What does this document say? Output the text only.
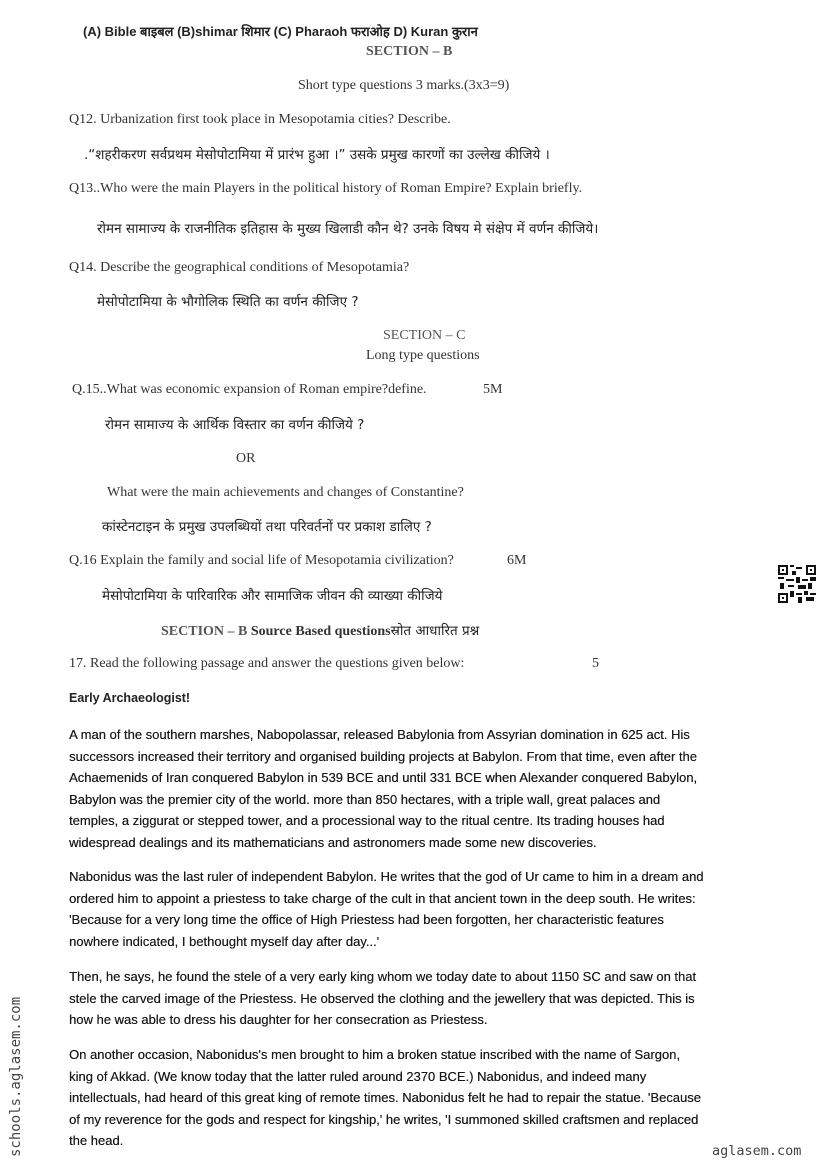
(A) Bible बाइबल (B)shimar शिमार (C) Pharaoh फराओह D) Kuran कुरान
SECTION – B
Short type questions 3 marks.(3x3=9)
Q12. Urbanization first took place in Mesopotamia cities? Describe.
.“शहरीकरण सर्वप्रथम मेसोपोटामिया में प्रारंभ हुआ ।” उसके प्रमुख कारणों का उल्लेख कीजिये ।
Q13..Who were the main Players in the political history of Roman Empire? Explain briefly.
रोमन सामाज्य के राजनीतिक इतिहास के मुख्य खिलाडी कौन थे? उनके विषय मे संक्षेप में वर्णन कीजिये।
Q14. Describe the geographical conditions of Mesopotamia?
मेसोपोटामिया के भौगोलिक स्थिति का वर्णन कीजिए ?
SECTION – C
Long type questions
Q.15..What was economic expansion of Roman empire?define.	5M
रोमन सामाज्य के आर्थिक विस्तार का वर्णन कीजिये ?
OR
What were the main achievements and changes of Constantine?
कांस्टेनटाइन के प्रमुख उपलब्धियों तथा परिवर्तनों पर प्रकाश डालिए ?
Q.16 Explain the family and social life of Mesopotamia civilization?	6M
मेसोपोटामिया के पारिवारिक और सामाजिक जीवन की व्याख्या कीजिये
SECTION – B Source Based questionsस्रोत आधारित प्रश्न
17. Read the following passage and answer the questions given below:	5
Early Archaeologist!
A man of the southern marshes, Nabopolassar, released Babylonia from Assyrian domination in 625 act. His
successors increased their territory and organised building projects at Babylon. From that time, even after the
Achaemenids of Iran conquered Babylon in 539 BCE and until 331 BCE when Alexander conquered Babylon,
Babylon was the premier city of the world. more than 850 hectares, with a triple wall, great palaces and
temples, a ziggurat or stepped tower, and a processional way to the ritual centre. Its trading houses had
widespread dealings and its mathematicians and astronomers made some new discoveries.
Nabonidus was the last ruler of independent Babylon. He writes that the god of Ur came to him in a dream and
ordered him to appoint a priestess to take charge of the cult in that ancient town in the deep south. He writes:
'Because for a very long time the office of High Priestess had been forgotten, her characteristic features
nowhere indicated, I bethought myself day after day...'
Then, he says, he found the stele of a very early king whom we today date to about 1150 SC and saw on that
stele the carved image of the Priestess. He observed the clothing and the jewellery that was depicted. This is
how he was able to dress his daughter for her consecration as Priestess.
On another occasion, Nabonidus's men brought to him a broken statue inscribed with the name of Sargon,
king of Akkad. (We know today that the latter ruled around 2370 BCE.) Nabonidus, and indeed many
intellectuals, had heard of this great king of remote times. Nabonidus felt he had to repair the statue. 'Because
of my reverence for the gods and respect for kingship,' he writes, 'I summoned skilled craftsmen and replaced
the head.
schools.aglasem.com	aglasem.com
